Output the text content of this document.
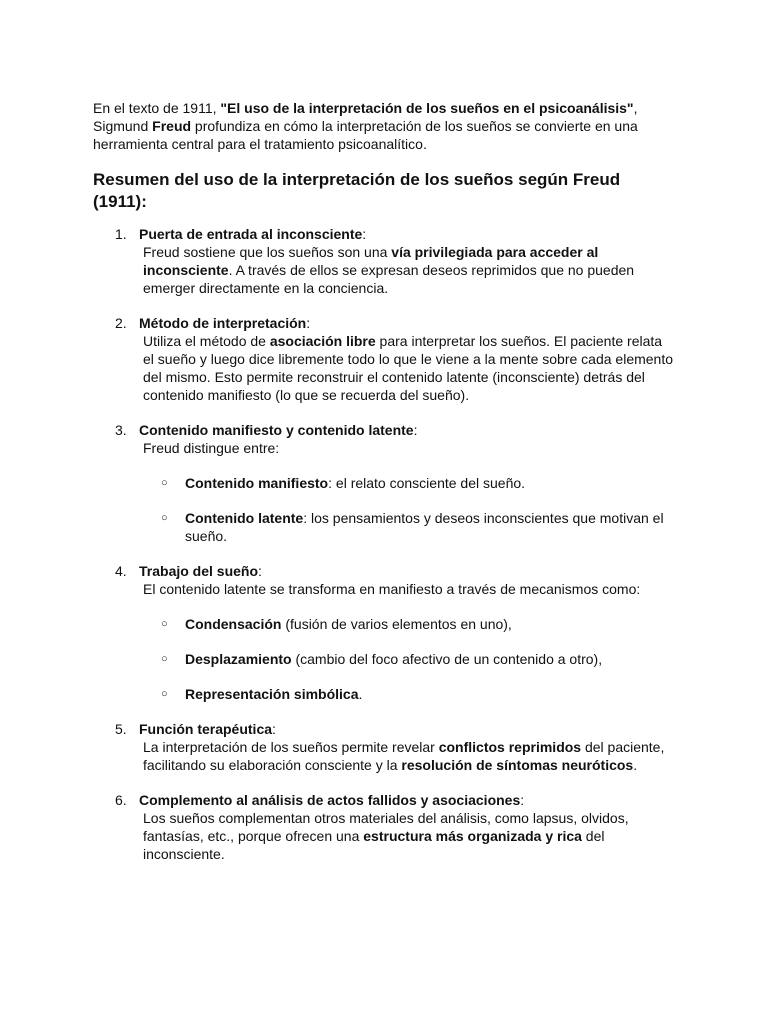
En el texto de 1911, "El uso de la interpretación de los sueños en el psicoanálisis", Sigmund Freud profundiza en cómo la interpretación de los sueños se convierte en una herramienta central para el tratamiento psicoanalítico.

Resumen del uso de la interpretación de los sueños según Freud (1911):
1. Puerta de entrada al inconsciente:
Freud sostiene que los sueños son una vía privilegiada para acceder al inconsciente. A través de ellos se expresan deseos reprimidos que no pueden emerger directamente en la conciencia.
2. Método de interpretación:
Utiliza el método de asociación libre para interpretar los sueños. El paciente relata el sueño y luego dice libremente todo lo que le viene a la mente sobre cada elemento del mismo. Esto permite reconstruir el contenido latente (inconsciente) detrás del contenido manifiesto (lo que se recuerda del sueño).
3. Contenido manifiesto y contenido latente:
Freud distingue entre:
○ Contenido manifiesto: el relato consciente del sueño.
○ Contenido latente: los pensamientos y deseos inconscientes que motivan el sueño.
4. Trabajo del sueño:
El contenido latente se transforma en manifiesto a través de mecanismos como:
○ Condensación (fusión de varios elementos en uno),
○ Desplazamiento (cambio del foco afectivo de un contenido a otro),
○ Representación simbólica.
5. Función terapéutica:
La interpretación de los sueños permite revelar conflictos reprimidos del paciente, facilitando su elaboración consciente y la resolución de síntomas neuróticos.
6. Complemento al análisis de actos fallidos y asociaciones:
Los sueños complementan otros materiales del análisis, como lapsus, olvidos, fantasías, etc., porque ofrecen una estructura más organizada y rica del inconsciente.
